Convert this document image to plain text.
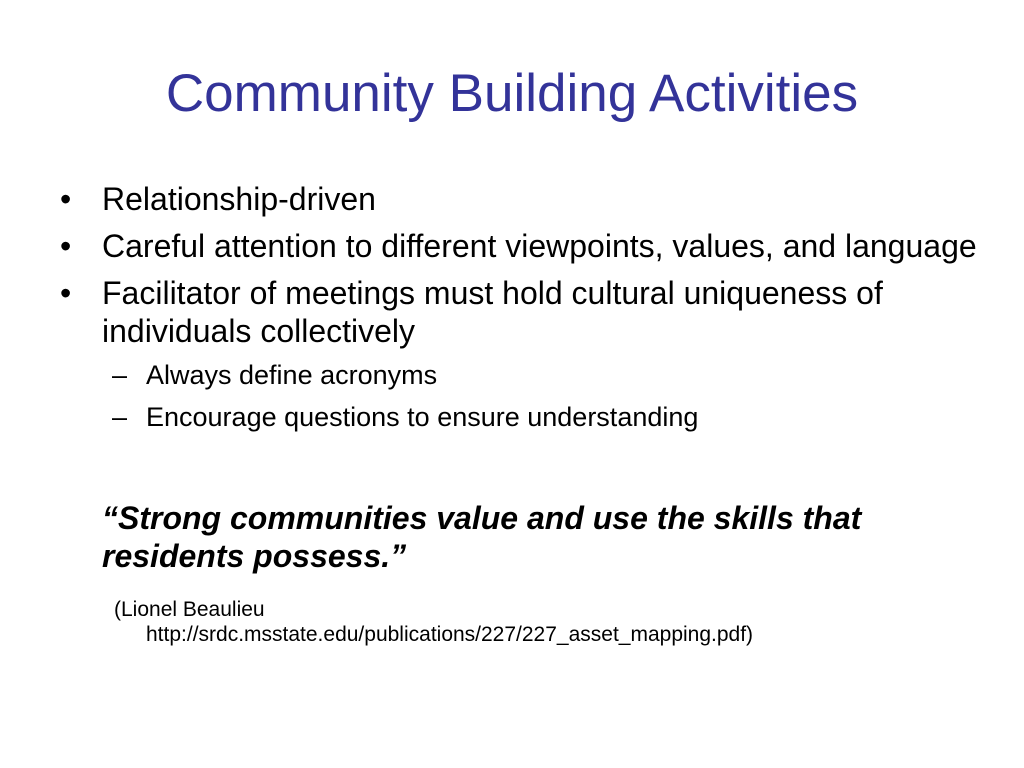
Community Building Activities
• Relationship-driven
• Careful attention to different viewpoints, values, and language
• Facilitator of meetings must hold cultural uniqueness of individuals collectively
– Always define acronyms
– Encourage questions to ensure understanding
“Strong communities value and use the skills that residents possess.”
(Lionel Beaulieu
http://srdc.msstate.edu/publications/227/227_asset_mapping.pdf)
